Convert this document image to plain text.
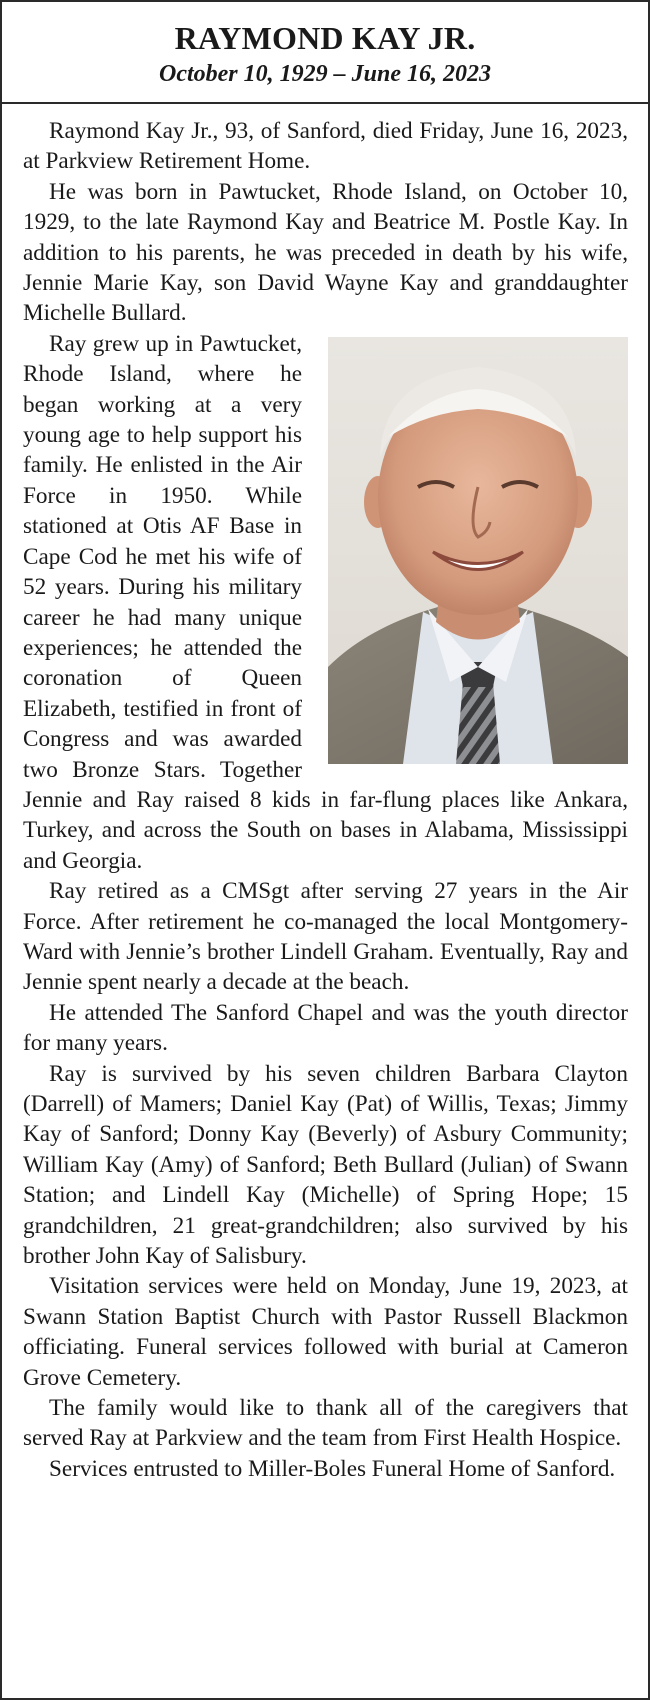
RAYMOND KAY JR.
October 10, 1929 – June 16, 2023

Raymond Kay Jr., 93, of Sanford, died Friday, June 16, 2023, at Parkview Retirement Home.

He was born in Pawtucket, Rhode Island, on October 10, 1929, to the late Raymond Kay and Beatrice M. Postle Kay. In addition to his parents, he was preceded in death by his wife, Jennie Marie Kay, son David Wayne Kay and granddaughter Michelle Bullard.

Ray grew up in Pawtucket, Rhode Island, where he began working at a very young age to help support his family. He enlisted in the Air Force in 1950. While stationed at Otis AF Base in Cape Cod he met his wife of 52 years. During his military career he had many unique experiences; he attended the coronation of Queen Elizabeth, testified in front of Congress and was awarded two Bronze Stars. Together Jennie and Ray raised 8 kids in far-flung places like Ankara, Turkey, and across the South on bases in Alabama, Mississippi and Georgia.

Ray retired as a CMSgt after serving 27 years in the Air Force. After retirement he co-managed the local Montgomery-Ward with Jennie’s brother Lindell Graham. Eventually, Ray and Jennie spent nearly a decade at the beach.

He attended The Sanford Chapel and was the youth director for many years.

Ray is survived by his seven children Barbara Clayton (Darrell) of Mamers; Daniel Kay (Pat) of Willis, Texas; Jimmy Kay of Sanford; Donny Kay (Beverly) of Asbury Community; William Kay (Amy) of Sanford; Beth Bullard (Julian) of Swann Station; and Lindell Kay (Michelle) of Spring Hope; 15 grandchildren, 21 great-grandchildren; also survived by his brother John Kay of Salisbury.

Visitation services were held on Monday, June 19, 2023, at Swann Station Baptist Church with Pastor Russell Blackmon officiating. Funeral services followed with burial at Cameron Grove Cemetery.

The family would like to thank all of the caregivers that served Ray at Parkview and the team from First Health Hospice.

Services entrusted to Miller-Boles Funeral Home of Sanford.
